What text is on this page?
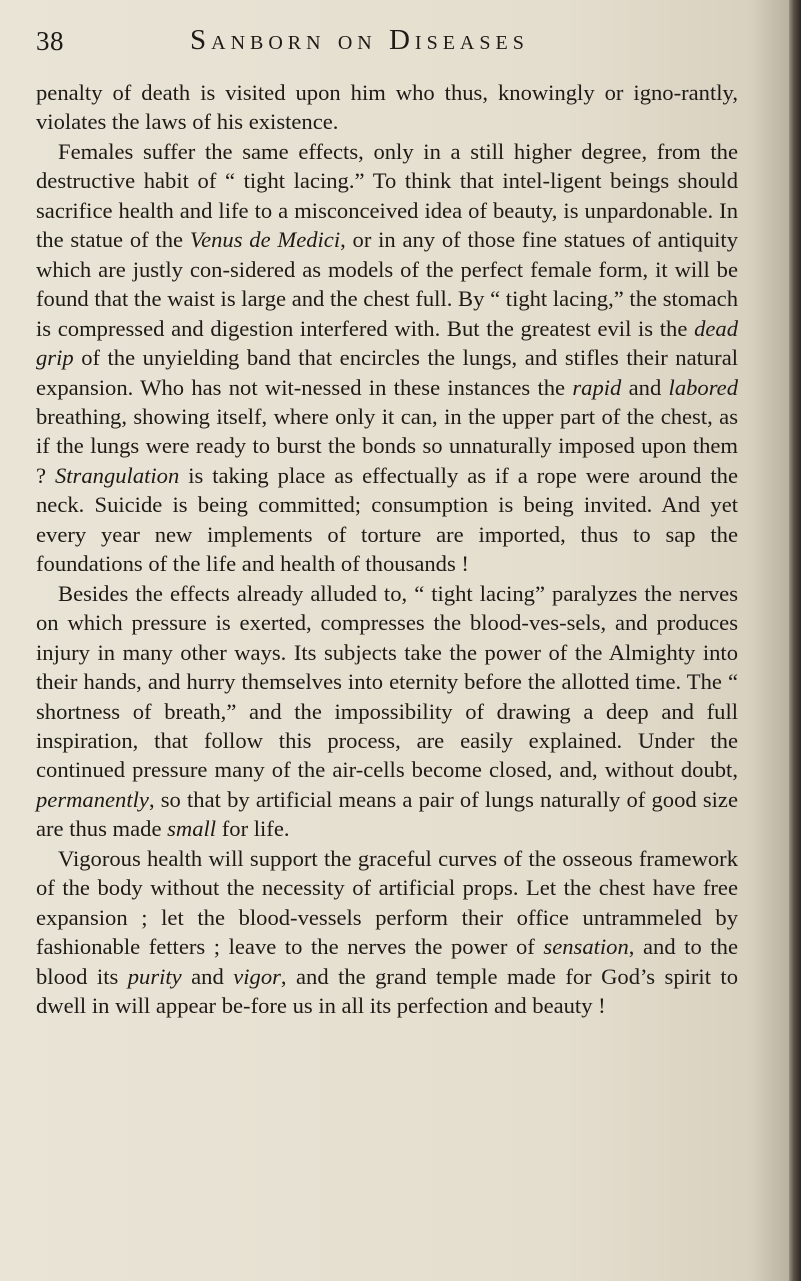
38	Sanborn on Diseases

penalty of death is visited upon him who thus, knowingly or igno-rantly, violates the laws of his existence.

Females suffer the same effects, only in a still higher degree, from the destructive habit of “ tight lacing.” To think that intel-ligent beings should sacrifice health and life to a misconceived idea of beauty, is unpardonable. In the statue of the Venus de Medici, or in any of those fine statues of antiquity which are justly con-sidered as models of the perfect female form, it will be found that the waist is large and the chest full. By “ tight lacing,” the stomach is compressed and digestion interfered with. But the greatest evil is the dead grip of the unyielding band that encircles the lungs, and stifles their natural expansion. Who has not wit-nessed in these instances the rapid and labored breathing, showing itself, where only it can, in the upper part of the chest, as if the lungs were ready to burst the bonds so unnaturally imposed upon them ? Strangulation is taking place as effectually as if a rope were around the neck. Suicide is being committed; consumption is being invited. And yet every year new implements of torture are imported, thus to sap the foundations of the life and health of thousands !

Besides the effects already alluded to, “ tight lacing” paralyzes the nerves on which pressure is exerted, compresses the blood-ves-sels, and produces injury in many other ways. Its subjects take the power of the Almighty into their hands, and hurry themselves into eternity before the allotted time. The “ shortness of breath,” and the impossibility of drawing a deep and full inspiration, that follow this process, are easily explained. Under the continued pressure many of the air-cells become closed, and, without doubt, permanently, so that by artificial means a pair of lungs naturally of good size are thus made small for life.

Vigorous health will support the graceful curves of the osseous framework of the body without the necessity of artificial props. Let the chest have free expansion ; let the blood-vessels perform their office untrammeled by fashionable fetters ; leave to the nerves the power of sensation, and to the blood its purity and vigor, and the grand temple made for God’s spirit to dwell in will appear be-fore us in all its perfection and beauty !
